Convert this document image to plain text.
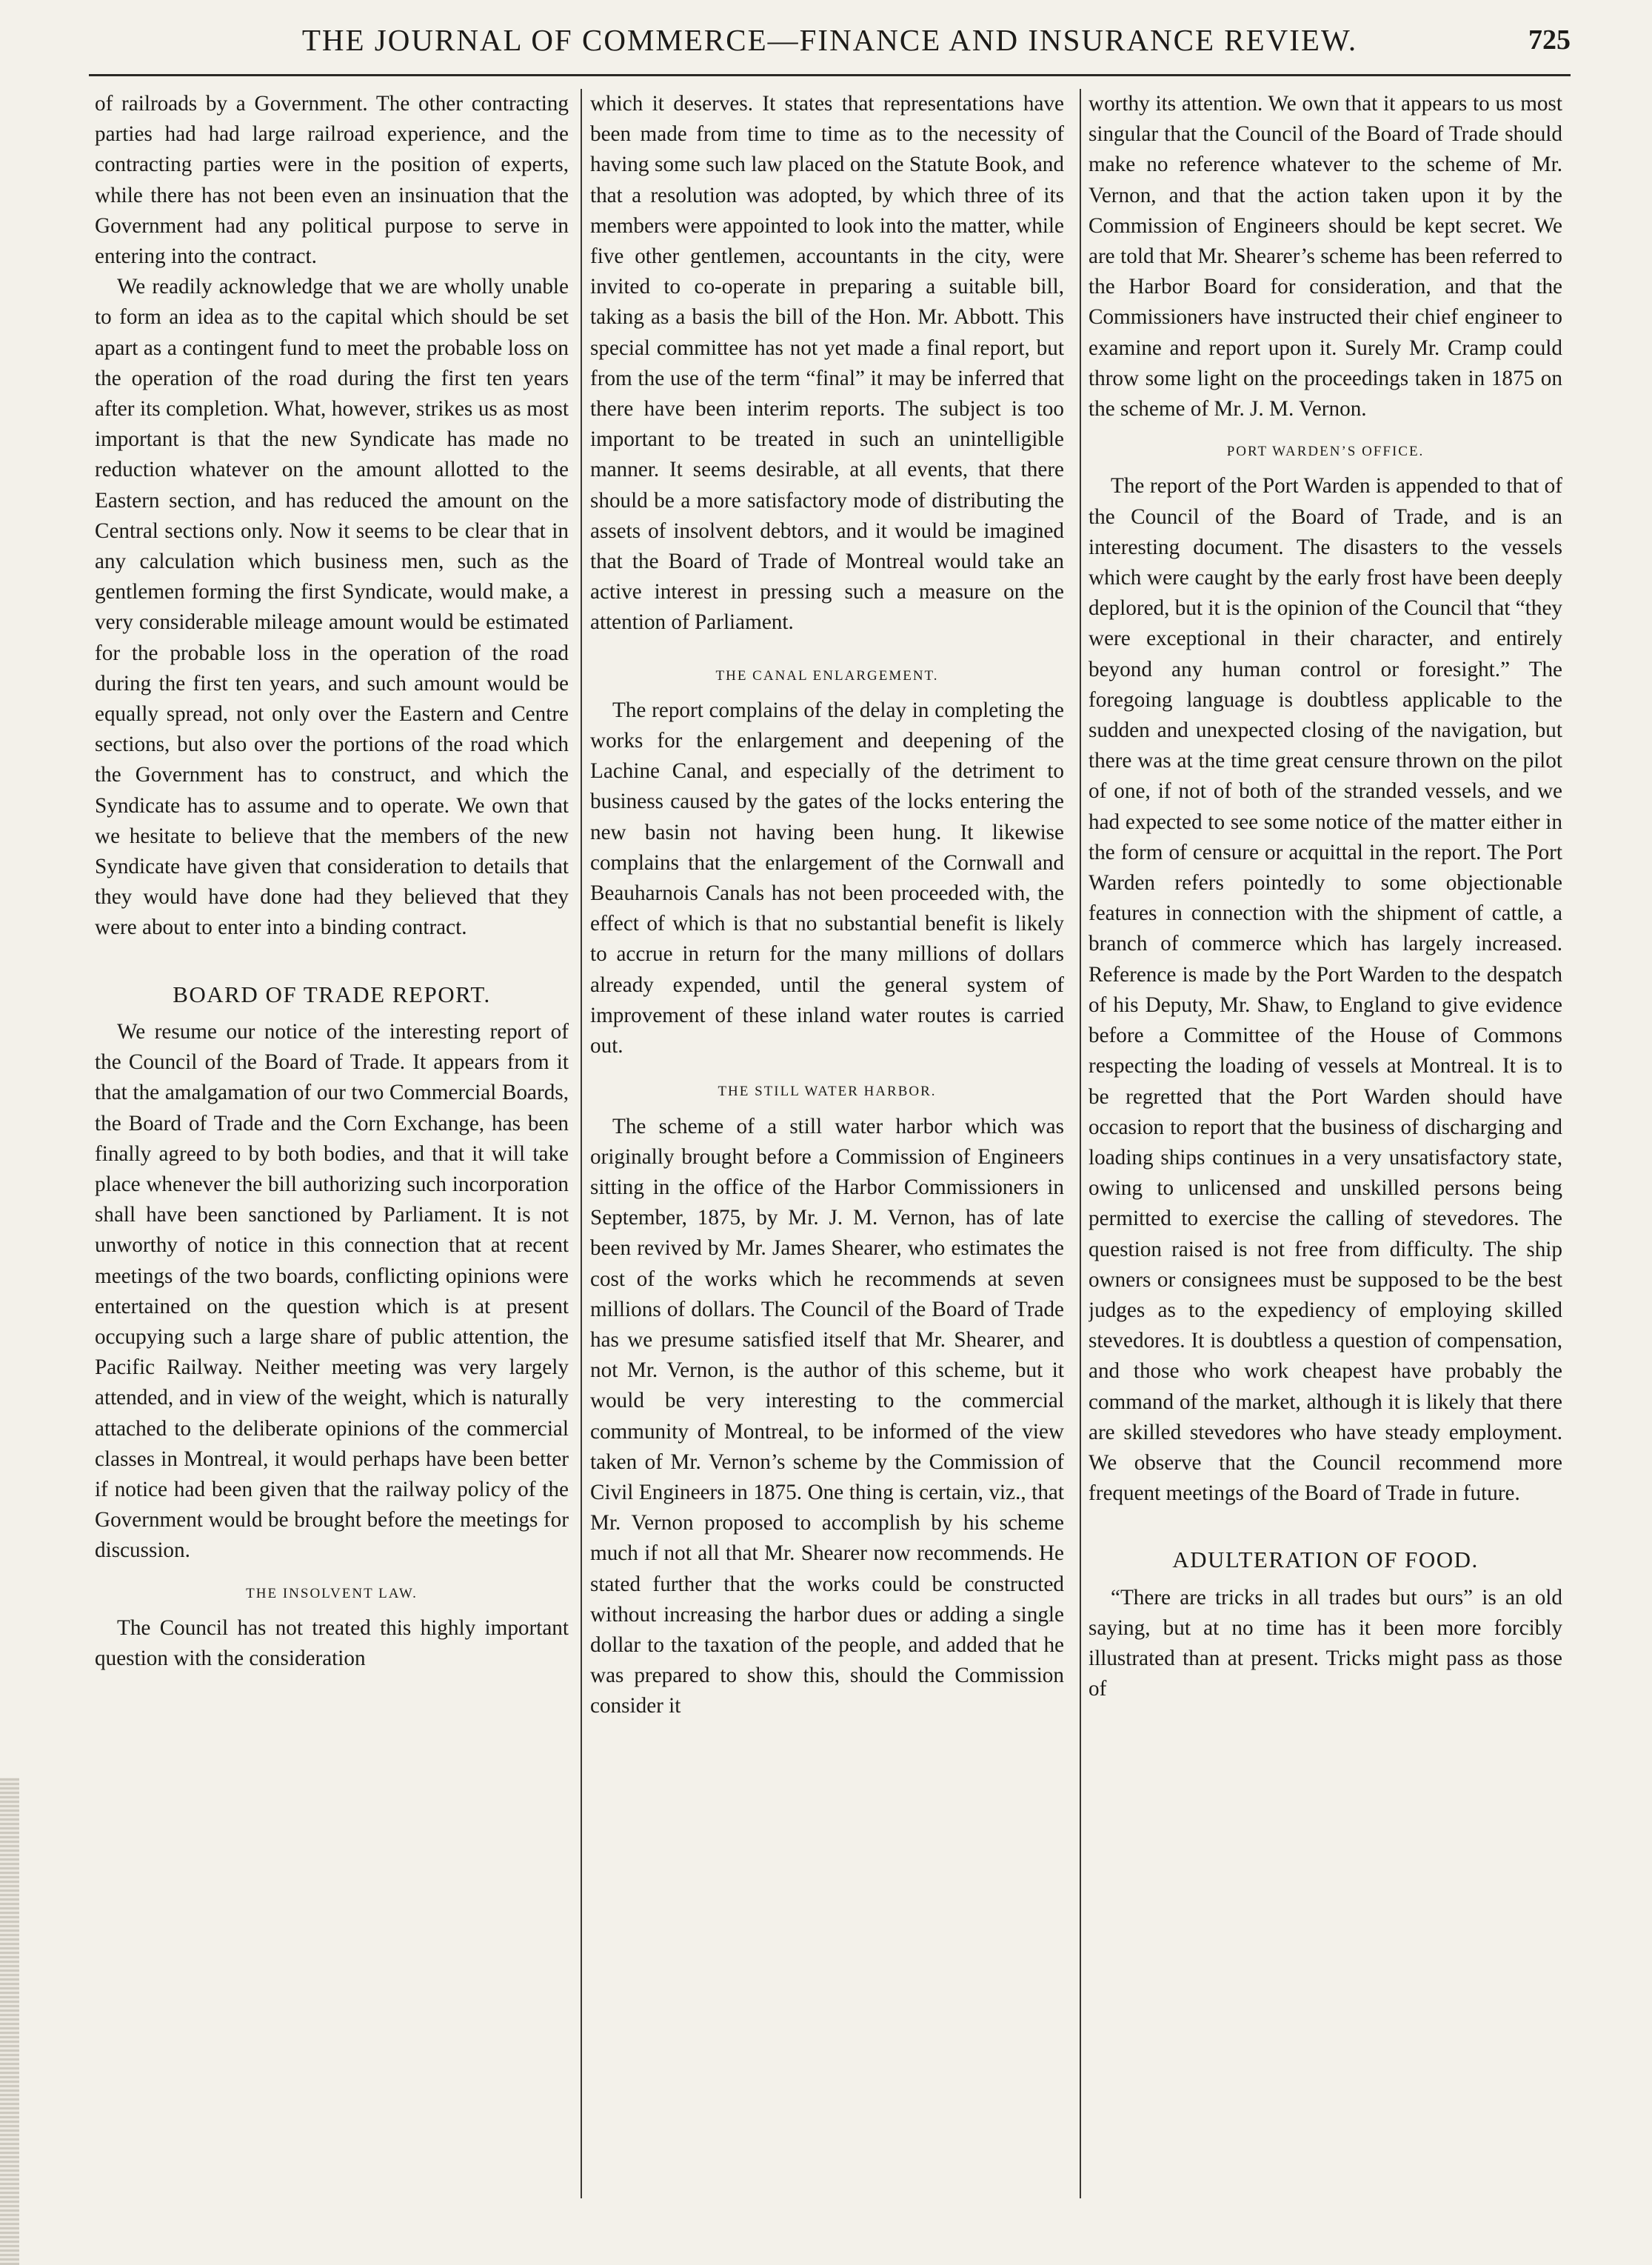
THE JOURNAL OF COMMERCE—FINANCE AND INSURANCE REVIEW.	725

of railroads by a Government. The other contracting parties had had large railroad experience, and the contracting parties were in the position of experts, while there has not been even an insinuation that the Government had any political purpose to serve in entering into the contract.

We readily acknowledge that we are wholly unable to form an idea as to the capital which should be set apart as a contingent fund to meet the probable loss on the operation of the road during the first ten years after its completion. What, however, strikes us as most important is that the new Syndicate has made no reduction whatever on the amount allotted to the Eastern section, and has reduced the amount on the Central sections only. Now it seems to be clear that in any calculation which business men, such as the gentlemen forming the first Syndicate, would make, a very considerable mileage amount would be estimated for the probable loss in the operation of the road during the first ten years, and such amount would be equally spread, not only over the Eastern and Centre sections, but also over the portions of the road which the Government has to construct, and which the Syndicate has to assume and to operate. We own that we hesitate to believe that the members of the new Syndicate have given that consideration to details that they would have done had they believed that they were about to enter into a binding contract.

BOARD OF TRADE REPORT.

We resume our notice of the interesting report of the Council of the Board of Trade. It appears from it that the amalgamation of our two Commercial Boards, the Board of Trade and the Corn Exchange, has been finally agreed to by both bodies, and that it will take place whenever the bill authorizing such incorporation shall have been sanctioned by Parliament. It is not unworthy of notice in this connection that at recent meetings of the two boards, conflicting opinions were entertained on the question which is at present occupying such a large share of public attention, the Pacific Railway. Neither meeting was very largely attended, and in view of the weight, which is naturally attached to the deliberate opinions of the commercial classes in Montreal, it would perhaps have been better if notice had been given that the railway policy of the Government would be brought before the meetings for discussion.

THE INSOLVENT LAW.

The Council has not treated this highly important question with the consideration

which it deserves. It states that representations have been made from time to time as to the necessity of having some such law placed on the Statute Book, and that a resolution was adopted, by which three of its members were appointed to look into the matter, while five other gentlemen, accountants in the city, were invited to co-operate in preparing a suitable bill, taking as a basis the bill of the Hon. Mr. Abbott. This special committee has not yet made a final report, but from the use of the term “final” it may be inferred that there have been interim reports. The subject is too important to be treated in such an unintelligible manner. It seems desirable, at all events, that there should be a more satisfactory mode of distributing the assets of insolvent debtors, and it would be imagined that the Board of Trade of Montreal would take an active interest in pressing such a measure on the attention of Parliament.

THE CANAL ENLARGEMENT.

The report complains of the delay in completing the works for the enlargement and deepening of the Lachine Canal, and especially of the detriment to business caused by the gates of the locks entering the new basin not having been hung. It likewise complains that the enlargement of the Cornwall and Beauharnois Canals has not been proceeded with, the effect of which is that no substantial benefit is likely to accrue in return for the many millions of dollars already expended, until the general system of improvement of these inland water routes is carried out.

THE STILL WATER HARBOR.

The scheme of a still water harbor which was originally brought before a Commission of Engineers sitting in the office of the Harbor Commissioners in September, 1875, by Mr. J. M. Vernon, has of late been revived by Mr. James Shearer, who estimates the cost of the works which he recommends at seven millions of dollars. The Council of the Board of Trade has we presume satisfied itself that Mr. Shearer, and not Mr. Vernon, is the author of this scheme, but it would be very interesting to the commercial community of Montreal, to be informed of the view taken of Mr. Vernon’s scheme by the Commission of Civil Engineers in 1875. One thing is certain, viz., that Mr. Vernon proposed to accomplish by his scheme much if not all that Mr. Shearer now recommends. He stated further that the works could be constructed without increasing the harbor dues or adding a single dollar to the taxation of the people, and added that he was prepared to show this, should the Commission consider it

worthy its attention. We own that it appears to us most singular that the Council of the Board of Trade should make no reference whatever to the scheme of Mr. Vernon, and that the action taken upon it by the Commission of Engineers should be kept secret. We are told that Mr. Shearer’s scheme has been referred to the Harbor Board for consideration, and that the Commissioners have instructed their chief engineer to examine and report upon it. Surely Mr. Cramp could throw some light on the proceedings taken in 1875 on the scheme of Mr. J. M. Vernon.

PORT WARDEN’S OFFICE.

The report of the Port Warden is appended to that of the Council of the Board of Trade, and is an interesting document. The disasters to the vessels which were caught by the early frost have been deeply deplored, but it is the opinion of the Council that “they were exceptional in their character, and entirely beyond any human control or foresight.” The foregoing language is doubtless applicable to the sudden and unexpected closing of the navigation, but there was at the time great censure thrown on the pilot of one, if not of both of the stranded vessels, and we had expected to see some notice of the matter either in the form of censure or acquittal in the report. The Port Warden refers pointedly to some objectionable features in connection with the shipment of cattle, a branch of commerce which has largely increased. Reference is made by the Port Warden to the despatch of his Deputy, Mr. Shaw, to England to give evidence before a Committee of the House of Commons respecting the loading of vessels at Montreal. It is to be regretted that the Port Warden should have occasion to report that the business of discharging and loading ships continues in a very unsatisfactory state, owing to unlicensed and unskilled persons being permitted to exercise the calling of stevedores. The question raised is not free from difficulty. The ship owners or consignees must be supposed to be the best judges as to the expediency of employing skilled stevedores. It is doubtless a question of compensation, and those who work cheapest have probably the command of the market, although it is likely that there are skilled stevedores who have steady employment. We observe that the Council recommend more frequent meetings of the Board of Trade in future.

ADULTERATION OF FOOD.

“There are tricks in all trades but ours” is an old saying, but at no time has it been more forcibly illustrated than at present. Tricks might pass as those of
